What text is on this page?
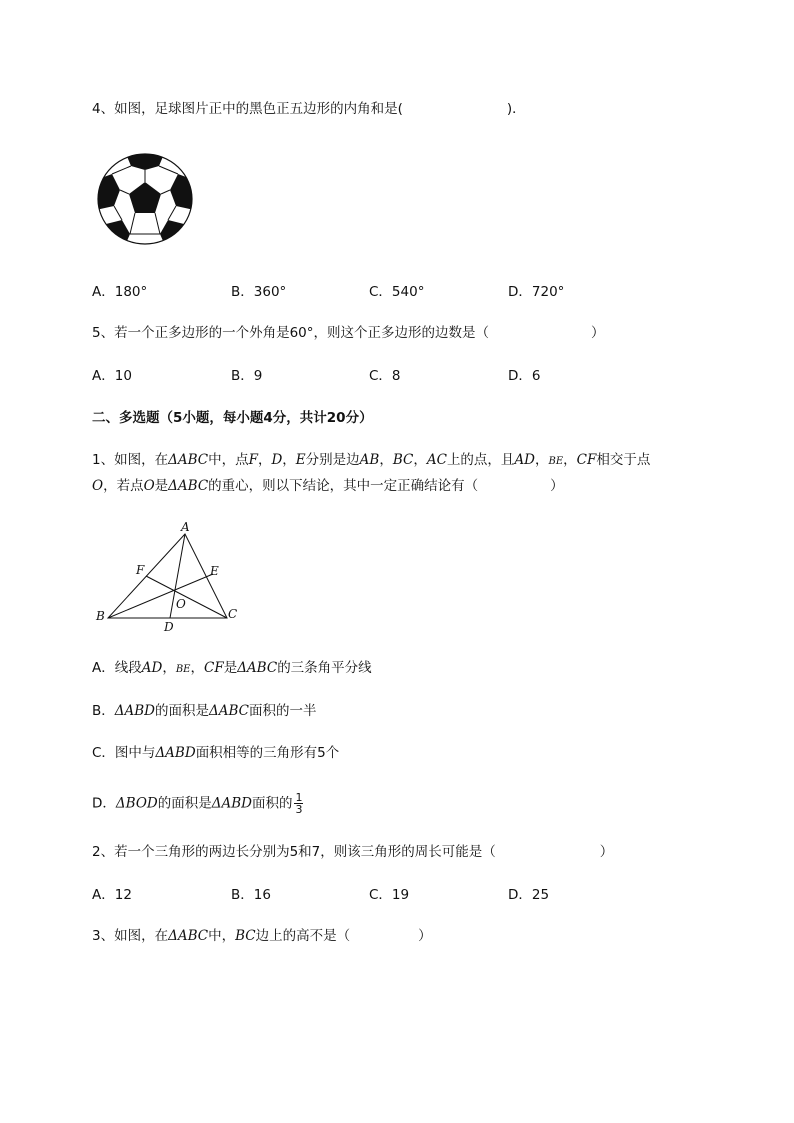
4、如图，足球图片正中的黑色正五边形的内角和是(	)．
A．180°	B．360°	C．540°	D．720°
5、若一个正多边形的一个外角是60°，则这个正多边形的边数是（	）
A．10	B．9	C．8	D．6
二、多选题（5小题，每小题4分，共计20分）
1、如图，在ΔABC中，点F，D，E分别是边AB，BC，AC上的点，且AD，BE，CF相交于点
O，若点O是ΔABC的重心，则以下结论，其中一定正确结论有（	）
A
B	C
D
E
F
O
A．线段AD，BE，CF是ΔABC的三条角平分线
B．ΔABD的面积是ΔABC面积的一半
C．图中与ΔABD面积相等的三角形有5个
D．ΔBOD的面积是ΔABD面积的 $\frac{1}{3}$
2、若一个三角形的两边长分别为5和7，则该三角形的周长可能是（	）
A．12	B．16	C．19	D．25
3、如图，在ΔABC中，BC边上的高不是（	）
